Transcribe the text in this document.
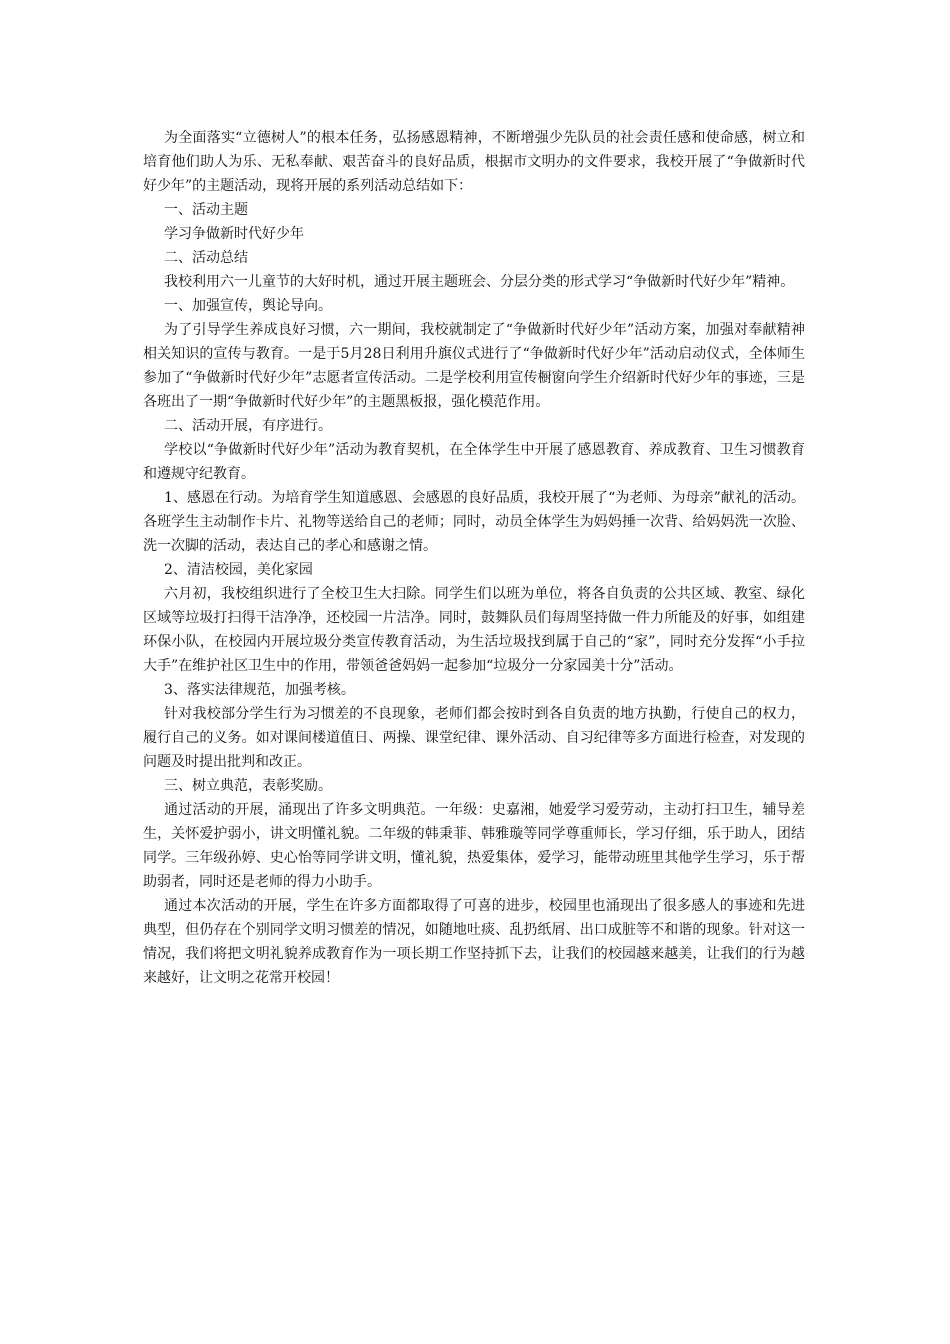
为全面落实“立德树人”的根本任务，弘扬感恩精神，不断增强少先队员的社会责任感和使命感，树立和培育他们助人为乐、无私奉献、艰苦奋斗的良好品质，根据市文明办的文件要求，我校开展了“争做新时代好少年”的主题活动，现将开展的系列活动总结如下：

一、活动主题

学习争做新时代好少年

二、活动总结

我校利用六一儿童节的大好时机，通过开展主题班会、分层分类的形式学习“争做新时代好少年”精神。

一、加强宣传，舆论导向。

为了引导学生养成良好习惯，六一期间，我校就制定了“争做新时代好少年”活动方案，加强对奉献精神相关知识的宣传与教育。一是于5月28日利用升旗仪式进行了“争做新时代好少年”活动启动仪式，全体师生参加了“争做新时代好少年”志愿者宣传活动。二是学校利用宣传橱窗向学生介绍新时代好少年的事迹，三是各班出了一期“争做新时代好少年”的主题黑板报，强化模范作用。

二、活动开展，有序进行。

学校以“争做新时代好少年”活动为教育契机，在全体学生中开展了感恩教育、养成教育、卫生习惯教育和遵规守纪教育。

1、感恩在行动。为培育学生知道感恩、会感恩的良好品质，我校开展了“为老师、为母亲”献礼的活动。各班学生主动制作卡片、礼物等送给自己的老师；同时，动员全体学生为妈妈捶一次背、给妈妈洗一次脸、洗一次脚的活动，表达自己的孝心和感谢之情。

2、清洁校园，美化家园

六月初，我校组织进行了全校卫生大扫除。同学生们以班为单位，将各自负责的公共区域、教室、绿化区域等垃圾打扫得干洁净净，还校园一片洁净。同时，鼓舞队员们每周坚持做一件力所能及的好事，如组建环保小队，在校园内开展垃圾分类宣传教育活动，为生活垃圾找到属于自己的“家”，同时充分发挥“小手拉大手”在维护社区卫生中的作用，带领爸爸妈妈一起参加“垃圾分一分家园美十分”活动。

3、落实法律规范，加强考核。

针对我校部分学生行为习惯差的不良现象，老师们都会按时到各自负责的地方执勤，行使自己的权力，履行自己的义务。如对课间楼道值日、两操、课堂纪律、课外活动、自习纪律等多方面进行检查，对发现的问题及时提出批判和改正。

三、树立典范，表彰奖励。

通过活动的开展，涌现出了许多文明典范。一年级：史嘉湘，她爱学习爱劳动，主动打扫卫生，辅导差生，关怀爱护弱小，讲文明懂礼貌。二年级的韩秉菲、韩雅璇等同学尊重师长，学习仔细，乐于助人，团结同学。三年级孙婷、史心怡等同学讲文明，懂礼貌，热爱集体，爱学习，能带动班里其他学生学习，乐于帮助弱者，同时还是老师的得力小助手。

通过本次活动的开展，学生在许多方面都取得了可喜的进步，校园里也涌现出了很多感人的事迹和先进典型，但仍存在个别同学文明习惯差的情况，如随地吐痰、乱扔纸屑、出口成脏等不和谐的现象。针对这一情况，我们将把文明礼貌养成教育作为一项长期工作坚持抓下去，让我们的校园越来越美，让我们的行为越来越好，让文明之花常开校园！
